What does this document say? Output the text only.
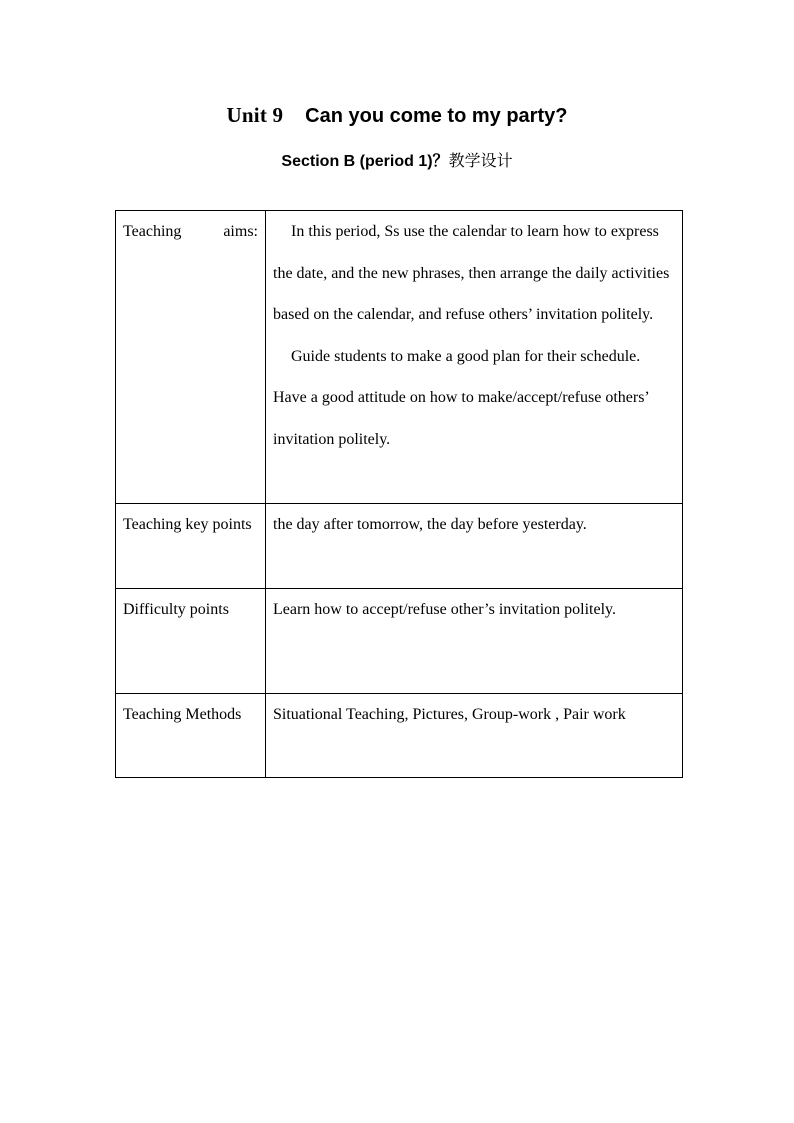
Unit 9 Can you come to my party?
Section B (period 1)？教学设计
Teaching aims:	In this period, Ss use the calendar to learn how to express the date, and the new phrases, then arrange the daily activities based on the calendar, and refuse others’ invitation politely.
Guide students to make a good plan for their schedule. Have a good attitude on how to make/accept/refuse others’ invitation politely.

Teaching key points	the day after tomorrow, the day before yesterday.

Difficulty points	Learn how to accept/refuse other’s invitation politely.

Teaching Methods	Situational Teaching, Pictures, Group-work , Pair work
